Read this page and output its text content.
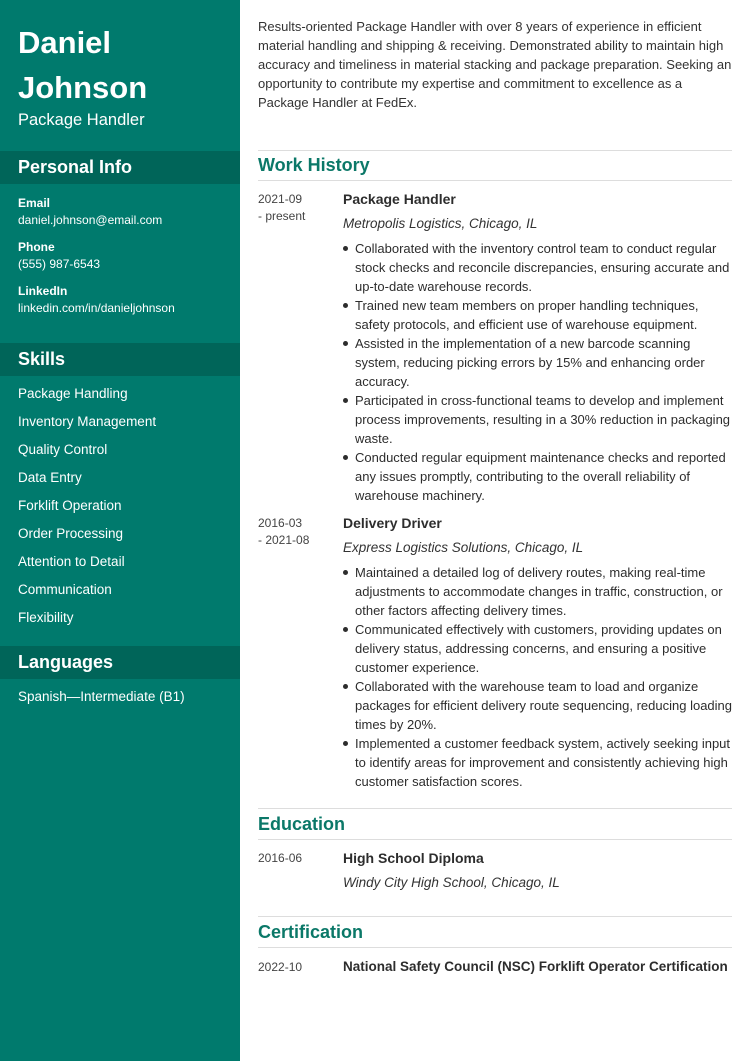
Daniel
Johnson
Package Handler
Personal Info
Email
daniel.johnson@email.com
Phone
(555) 987-6543
LinkedIn
linkedin.com/in/danieljohnson
Skills
Package Handling
Inventory Management
Quality Control
Data Entry
Forklift Operation
Order Processing
Attention to Detail
Communication
Flexibility
Languages
Spanish—Intermediate (B1)
Results-oriented Package Handler with over 8 years of experience in efficient material handling and shipping & receiving. Demonstrated ability to maintain high accuracy and timeliness in material stacking and package preparation. Seeking an opportunity to contribute my expertise and commitment to excellence as a Package Handler at FedEx.
Work History
2021-09
- present
Package Handler
Metropolis Logistics, Chicago, IL
Collaborated with the inventory control team to conduct regular stock checks and reconcile discrepancies, ensuring accurate and up-to-date warehouse records.
Trained new team members on proper handling techniques, safety protocols, and efficient use of warehouse equipment.
Assisted in the implementation of a new barcode scanning system, reducing picking errors by 15% and enhancing order accuracy.
Participated in cross-functional teams to develop and implement process improvements, resulting in a 30% reduction in packaging waste.
Conducted regular equipment maintenance checks and reported any issues promptly, contributing to the overall reliability of warehouse machinery.
2016-03
- 2021-08
Delivery Driver
Express Logistics Solutions, Chicago, IL
Maintained a detailed log of delivery routes, making real-time adjustments to accommodate changes in traffic, construction, or other factors affecting delivery times.
Communicated effectively with customers, providing updates on delivery status, addressing concerns, and ensuring a positive customer experience.
Collaborated with the warehouse team to load and organize packages for efficient delivery route sequencing, reducing loading times by 20%.
Implemented a customer feedback system, actively seeking input to identify areas for improvement and consistently achieving high customer satisfaction scores.
Education
2016-06	High School Diploma
Windy City High School, Chicago, IL
Certification
2022-10	National Safety Council (NSC) Forklift Operator Certification
